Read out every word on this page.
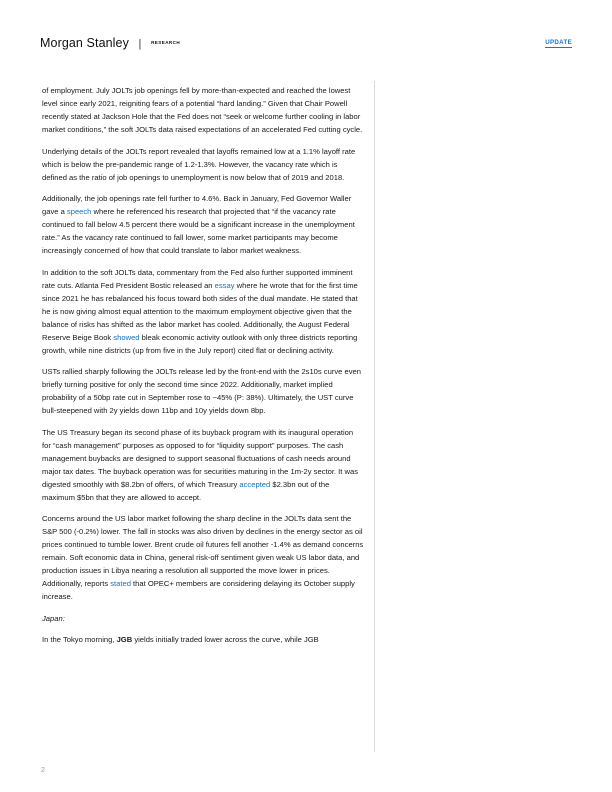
Morgan Stanley | $^{RESEARCH}$	UPDATE

of employment. July JOLTs job openings fell by more-than-expected and reached the lowest level since early 2021, reigniting fears of a potential “hard landing.” Given that Chair Powell recently stated at Jackson Hole that the Fed does not “seek or welcome further cooling in labor market conditions,” the soft JOLTs data raised expectations of an accelerated Fed cutting cycle.

Underlying details of the JOLTs report revealed that layoffs remained low at a 1.1% layoff rate which is below the pre-pandemic range of 1.2-1.3%. However, the vacancy rate which is defined as the ratio of job openings to unemployment is now below that of 2019 and 2018.

Additionally, the job openings rate fell further to 4.6%. Back in January, Fed Governor Waller gave a speech where he referenced his research that projected that “if the vacancy rate continued to fall below 4.5 percent there would be a significant increase in the unemployment rate.” As the vacancy rate continued to fall lower, some market participants may become increasingly concerned of how that could translate to labor market weakness.

In addition to the soft JOLTs data, commentary from the Fed also further supported imminent rate cuts. Atlanta Fed President Bostic released an essay where he wrote that for the first time since 2021 he has rebalanced his focus toward both sides of the dual mandate. He stated that he is now giving almost equal attention to the maximum employment objective given that the balance of risks has shifted as the labor market has cooled. Additionally, the August Federal Reserve Beige Book showed bleak economic activity outlook with only three districts reporting growth, while nine districts (up from five in the July report) cited flat or declining activity.

USTs rallied sharply following the JOLTs release led by the front-end with the 2s10s curve even briefly turning positive for only the second time since 2022. Additionally, market implied probability of a 50bp rate cut in September rose to ~45% (P: 38%). Ultimately, the UST curve bull-steepened with 2y yields down 11bp and 10y yields down 8bp.

The US Treasury began its second phase of its buyback program with its inaugural operation for “cash management” purposes as opposed to for “liquidity support” purposes. The cash management buybacks are designed to support seasonal fluctuations of cash needs around major tax dates. The buyback operation was for securities maturing in the 1m-2y sector. It was digested smoothly with $8.2bn of offers, of which Treasury accepted $2.3bn out of the maximum $5bn that they are allowed to accept.

Concerns around the US labor market following the sharp decline in the JOLTs data sent the S&P 500 (-0.2%) lower. The fall in stocks was also driven by declines in the energy sector as oil prices continued to tumble lower. Brent crude oil futures fell another -1.4% as demand concerns remain. Soft economic data in China, general risk-off sentiment given weak US labor data, and production issues in Libya nearing a resolution all supported the move lower in prices. Additionally, reports stated that OPEC+ members are considering delaying its October supply increase.

Japan:

In the Tokyo morning, JGB yields initially traded lower across the curve, while JGB

2
